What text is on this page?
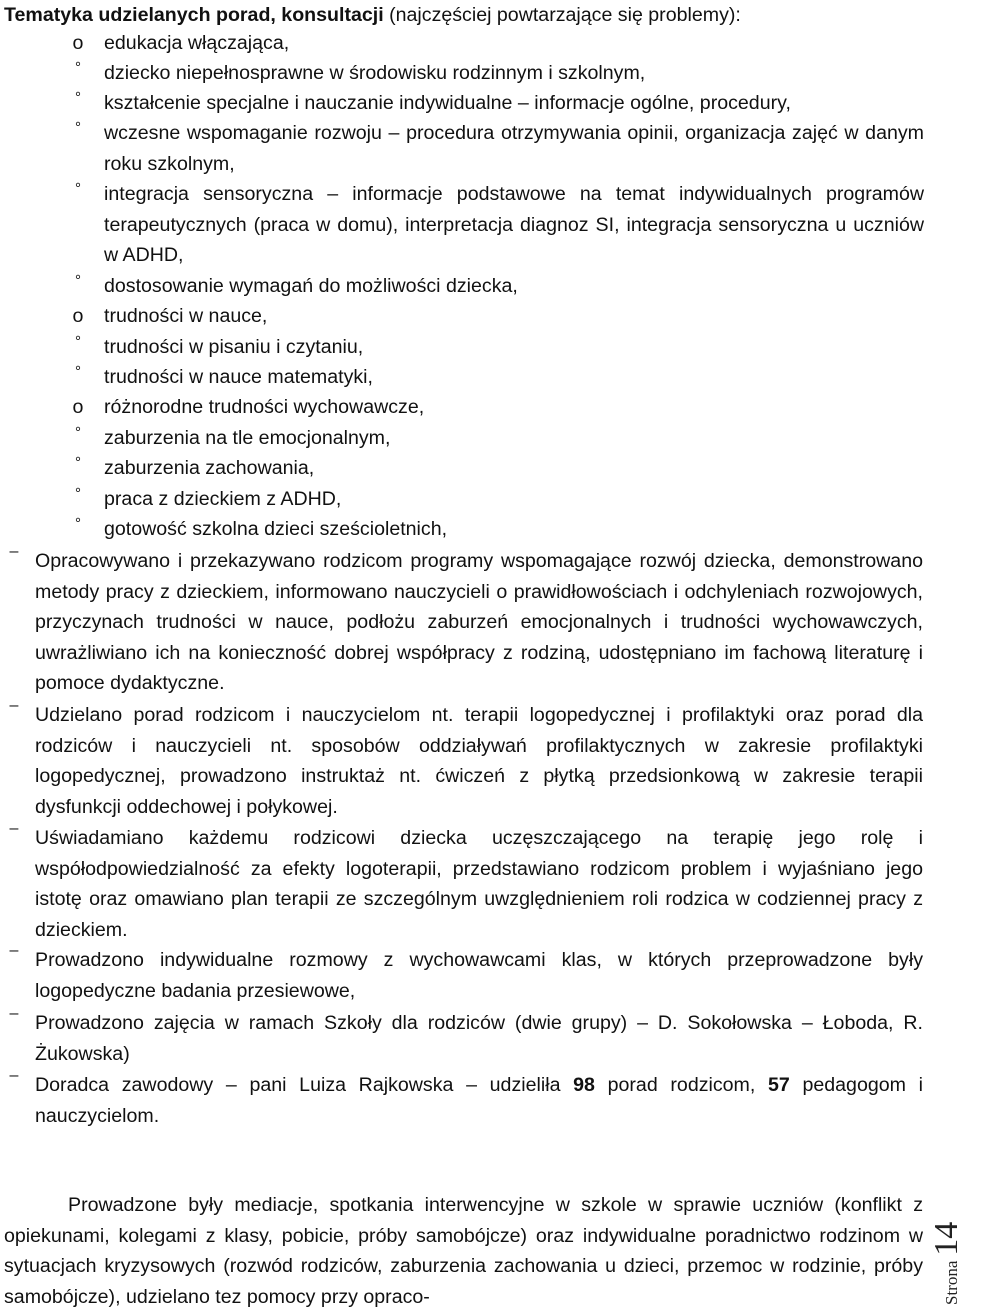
Tematyka udzielanych porad, konsultacji (najczęściej powtarzające się problemy):
o edukacja włączająca,
° dziecko niepełnosprawne w środowisku rodzinnym i szkolnym,
° kształcenie specjalne i nauczanie indywidualne – informacje ogólne, procedury,
° wczesne wspomaganie rozwoju – procedura otrzymywania opinii, organizacja zajęć w danym roku szkolnym,
° integracja sensoryczna – informacje podstawowe na temat indywidualnych programów terapeutycznych (praca w domu), interpretacja diagnoz SI, integracja sensoryczna u uczniów w ADHD,
° dostosowanie wymagań do możliwości dziecka,
o trudności w nauce,
° trudności w pisaniu i czytaniu,
° trudności w nauce matematyki,
o różnorodne trudności wychowawcze,
° zaburzenia na tle emocjonalnym,
° zaburzenia zachowania,
° praca z dzieckiem z ADHD,
° gotowość szkolna dzieci sześcioletnich,
– Opracowywano i przekazywano rodzicom programy wspomagające rozwój dziecka, demonstrowano metody pracy z dzieckiem, informowano nauczycieli o prawidłowościach i odchyleniach rozwojowych, przyczynach trudności w nauce, podłożu zaburzeń emocjonalnych i trudności wychowawczych, uwrażliwiano ich na konieczność dobrej współpracy z rodziną, udostępniano im fachową literaturę i pomoce dydaktyczne.
– Udzielano porad rodzicom i nauczycielom nt. terapii logopedycznej i profilaktyki oraz porad dla rodziców i nauczycieli nt. sposobów oddziaływań profilaktycznych w zakresie profilaktyki logopedycznej, prowadzono instruktaż nt. ćwiczeń z płytką przedsionkową w zakresie terapii dysfunkcji oddechowej i połykowej.
– Uświadamiano każdemu rodzicowi dziecka uczęszczającego na terapię jego rolę i współodpowiedzialność za efekty logoterapii, przedstawiano rodzicom problem i wyjaśniano jego istotę oraz omawiano plan terapii ze szczególnym uwzględnieniem roli rodzica w codziennej pracy z dzieckiem.
– Prowadzono indywidualne rozmowy z wychowawcami klas, w których przeprowadzone były logopedyczne badania przesiewowe,
– Prowadzono zajęcia w ramach Szkoły dla rodziców (dwie grupy) – D. Sokołowska – Łoboda, R. Żukowska)
– Doradca zawodowy – pani Luiza Rajkowska – udzieliła 98 porad rodzicom, 57 pedagogom i nauczycielom.
Prowadzone były mediacje, spotkania interwencyjne w szkole w sprawie uczniów (konflikt z opiekunami, kolegami z klasy, pobicie, próby samobójcze) oraz indywidualne poradnictwo rodzinom w sytuacjach kryzysowych (rozwód rodziców, zaburzenia zachowania u dzieci, przemoc w rodzinie, próby samobójcze), udzielano tez pomocy przy opraco-	Strona 14
